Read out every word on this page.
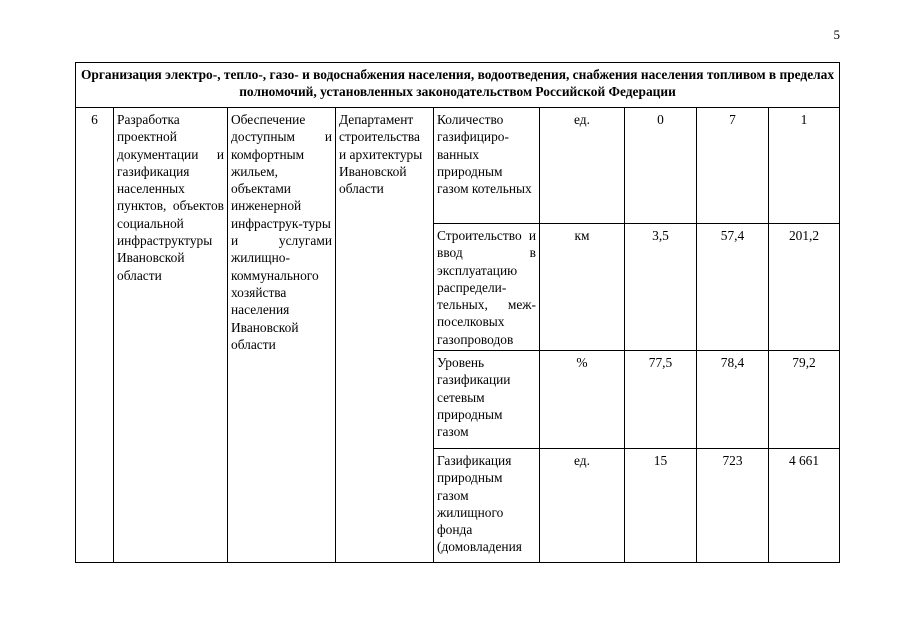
5
Организация электро-, тепло-, газо- и водоснабжения населения, водоотведения, снабжения населения топливом в пределах полномочий, установленных законодательством Российской Федерации								
6	Разработка проектной документации и газификация населенных пунктов, объектов социальной инфраструктуры Ивановской области	Обеспечение доступным и комфортным жильем, объектами инженерной инфраструк-туры и услугами жилищно-коммунального хозяйства населения Ивановской области	Департамент строительства и архитектуры Ивановской области	Количество газифициро-ванных природным газом котельных	ед.	0	7	1
				Строительство и ввод в эксплуатацию распредели-тельных, меж-поселковых газопроводов	км	3,5	57,4	201,2
				Уровень газификации сетевым природным газом	%	77,5	78,4	79,2
				Газификация природным газом жилищного фонда (домовладения	ед.	15	723	4 661
